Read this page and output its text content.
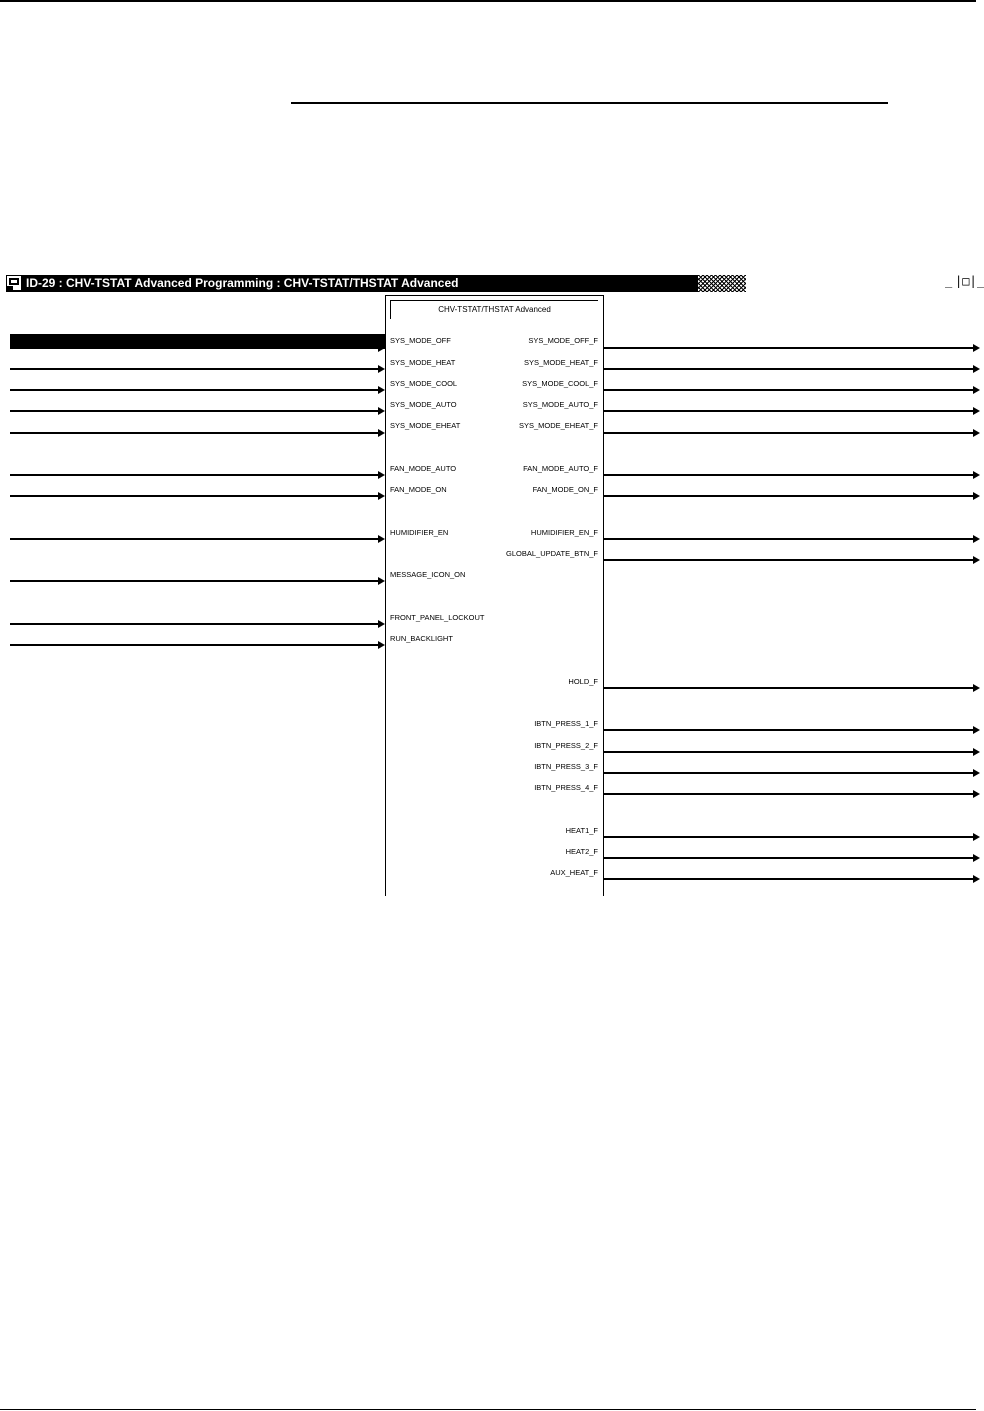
ID-29 : CHV-TSTAT Advanced Programming : CHV-TSTAT/THSTAT Advanced	_ |□| _
CHV-TSTAT/THSTAT Advanced
SYS_MODE_OFF
SYS_MODE_HEAT
SYS_MODE_COOL
SYS_MODE_AUTO
SYS_MODE_EHEAT
FAN_MODE_AUTO
FAN_MODE_ON
HUMIDIFIER_EN
MESSAGE_ICON_ON
FRONT_PANEL_LOCKOUT
RUN_BACKLIGHT
SYS_MODE_OFF_F
SYS_MODE_HEAT_F
SYS_MODE_COOL_F
SYS_MODE_AUTO_F
SYS_MODE_EHEAT_F
FAN_MODE_AUTO_F
FAN_MODE_ON_F
HUMIDIFIER_EN_F
GLOBAL_UPDATE_BTN_F
HOLD_F
IBTN_PRESS_1_F
IBTN_PRESS_2_F
IBTN_PRESS_3_F
IBTN_PRESS_4_F
HEAT1_F
HEAT2_F
AUX_HEAT_F
